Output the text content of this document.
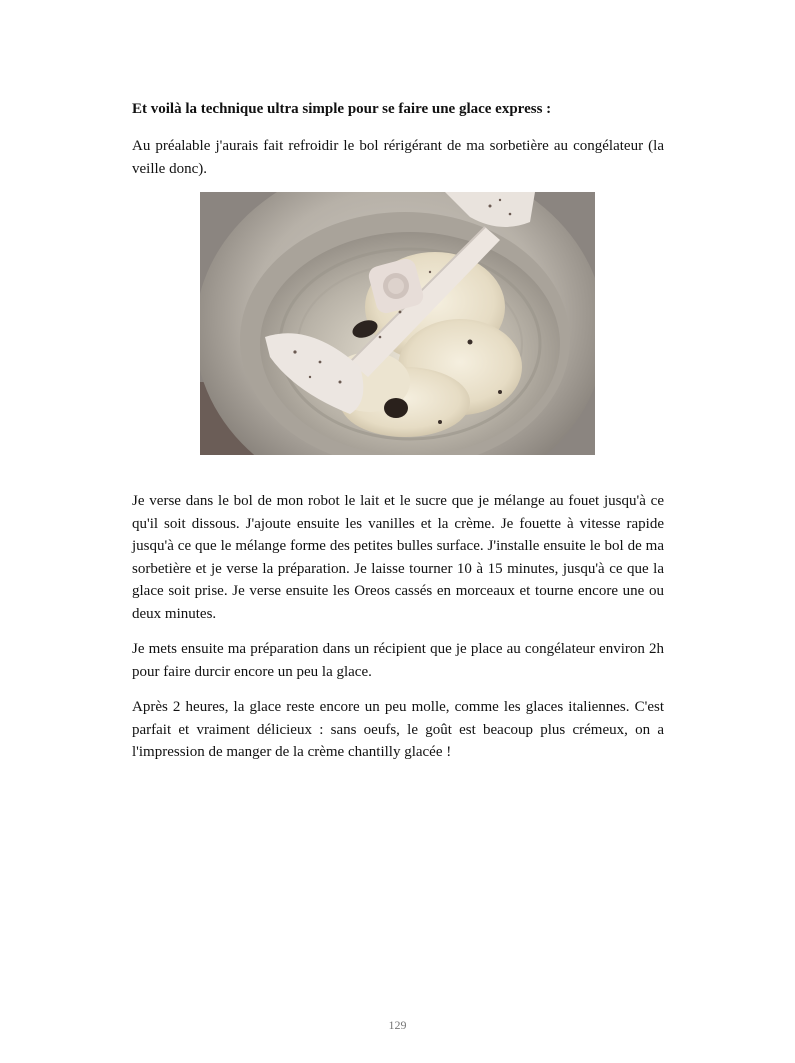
Et voilà la technique ultra simple pour se faire une glace express :

Au préalable j'aurais fait refroidir le bol rérigérant de ma sorbetière au congélateur (la veille donc).

Je verse dans le bol de mon robot le lait et le sucre que je mélange au fouet jusqu'à ce qu'il soit dissous. J'ajoute ensuite les vanilles et la crème. Je fouette à vitesse rapide jusqu'à ce que le mélange forme des petites bulles surface. J'installe ensuite le bol de ma sorbetière et je verse la préparation. Je laisse tourner 10 à 15 minutes, jusqu'à ce que la glace soit prise. Je verse ensuite les Oreos cassés en morceaux et tourne encore une ou deux minutes.

Je mets ensuite ma préparation dans un récipient que je place au congélateur environ 2h pour faire durcir encore un peu la glace.

Après 2 heures, la glace reste encore un peu molle, comme les glaces italiennes. C'est parfait et vraiment délicieux : sans oeufs, le goût est beacoup plus crémeux, on a l'impression de manger de la crème chantilly glacée !

129
